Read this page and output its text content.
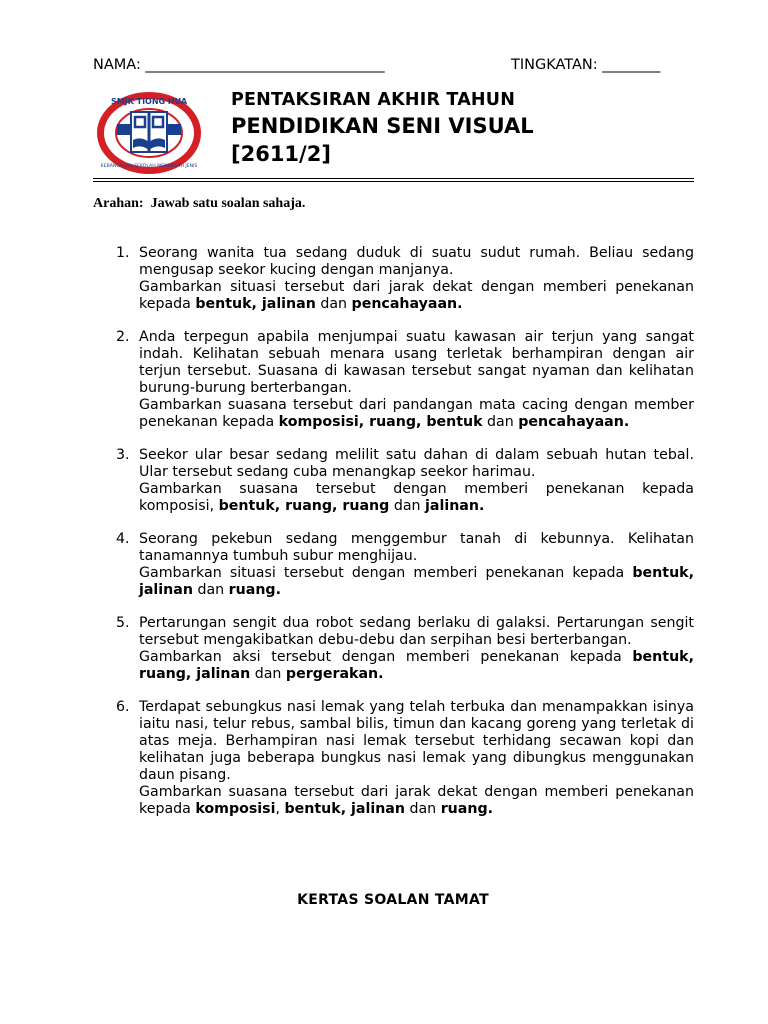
NAMA: _________________________________	TINGKATAN: ________
SMJK TIONG HUA
KEBANGSAAN SEKOLAH MENENGAH JENIS

PENTAKSIRAN AKHIR TAHUN

PENDIDIKAN SENI VISUAL

[2611/2]

Arahan: Jawab satu soalan sahaja.
1. Seorang wanita tua sedang duduk di suatu sudut rumah. Beliau sedang mengusap seekor kucing dengan manjanya.

Gambarkan situasi tersebut dari jarak dekat dengan memberi penekanan kepada bentuk, jalinan dan pencahayaan.

2. Anda terpegun apabila menjumpai suatu kawasan air terjun yang sangat indah. Kelihatan sebuah menara usang terletak berhampiran dengan air terjun tersebut. Suasana di kawasan tersebut sangat nyaman dan kelihatan burung-burung berterbangan.

Gambarkan suasana tersebut dari pandangan mata cacing dengan member penekanan kepada komposisi, ruang, bentuk dan pencahayaan.

3. Seekor ular besar sedang melilit satu dahan di dalam sebuah hutan tebal. Ular tersebut sedang cuba menangkap seekor harimau.

Gambarkan suasana tersebut dengan memberi penekanan kepada komposisi, bentuk, ruang, ruang dan jalinan.

4. Seorang pekebun sedang menggembur tanah di kebunnya. Kelihatan tanamannya tumbuh subur menghijau.

Gambarkan situasi tersebut dengan memberi penekanan kepada bentuk, jalinan dan ruang.

5. Pertarungan sengit dua robot sedang berlaku di galaksi. Pertarungan sengit tersebut mengakibatkan debu-debu dan serpihan besi berterbangan.

Gambarkan aksi tersebut dengan memberi penekanan kepada bentuk, ruang, jalinan dan pergerakan.

6. Terdapat sebungkus nasi lemak yang telah terbuka dan menampakkan isinya iaitu nasi, telur rebus, sambal bilis, timun dan kacang goreng yang terletak di atas meja. Berhampiran nasi lemak tersebut terhidang secawan kopi dan kelihatan juga beberapa bungkus nasi lemak yang dibungkus menggunakan daun pisang.

Gambarkan suasana tersebut dari jarak dekat dengan memberi penekanan kepada komposisi, bentuk, jalinan dan ruang.

KERTAS SOALAN TAMAT
